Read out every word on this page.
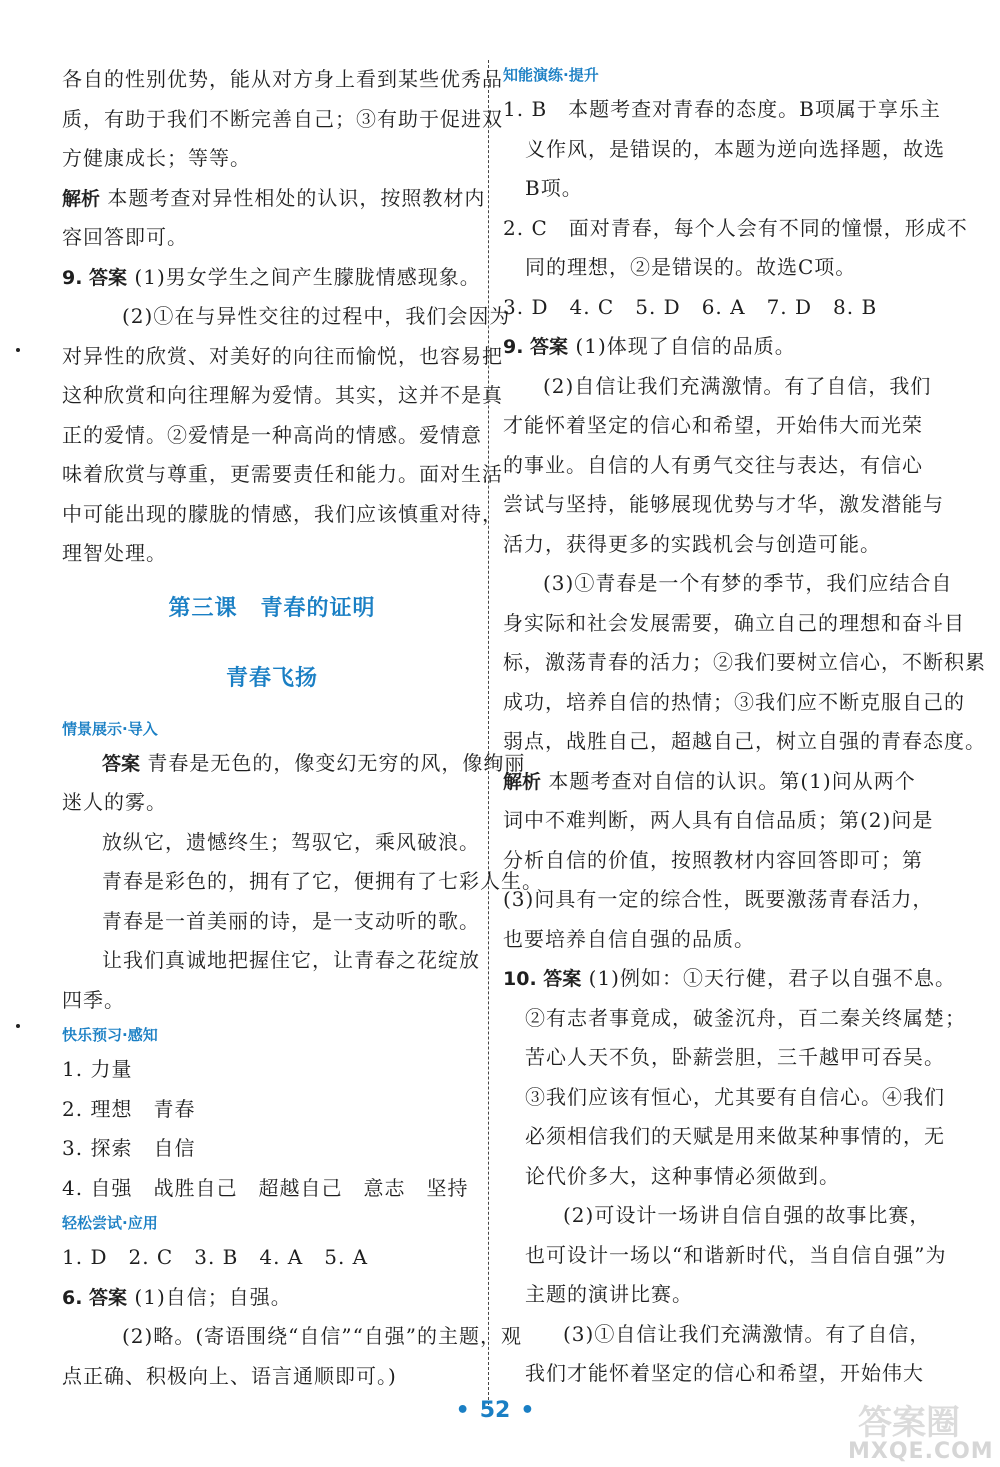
各自的性别优势，能从对方身上看到某些优秀品
质，有助于我们不断完善自己；③有助于促进双
方健康成长；等等。
解析 本题考查对异性相处的认识，按照教材内
容回答即可。
9. 答案 (1)男女学生之间产生朦胧情感现象。
(2)①在与异性交往的过程中，我们会因为
对异性的欣赏、对美好的向往而愉悦，也容易把
这种欣赏和向往理解为爱情。其实，这并不是真
正的爱情。②爱情是一种高尚的情感。爱情意
味着欣赏与尊重，更需要责任和能力。面对生活
中可能出现的朦胧的情感，我们应该慎重对待，
理智处理。
第三课　青春的证明
青春飞扬
情景展示·导入
答案 青春是无色的，像变幻无穷的风，像绚丽
迷人的雾。
放纵它，遗憾终生；驾驭它，乘风破浪。
青春是彩色的，拥有了它，便拥有了七彩人生。
青春是一首美丽的诗，是一支动听的歌。
让我们真诚地把握住它，让青春之花绽放
四季。
快乐预习·感知
1. 力量
2. 理想　青春
3. 探索　自信
4. 自强　战胜自己　超越自己　意志　坚持
轻松尝试·应用
1. D　2. C　3. B　4. A　5. A
6. 答案 (1)自信；自强。
(2)略。(寄语围绕“自信”“自强”的主题，观
点正确、积极向上、语言通顺即可。)
知能演练·提升
1. B　本题考查对青春的态度。B项属于享乐主
义作风，是错误的，本题为逆向选择题，故选
B项。
2. C　面对青春，每个人会有不同的憧憬，形成不
同的理想，②是错误的。故选C项。
3. D　4. C　5. D　6. A　7. D　8. B
9. 答案 (1)体现了自信的品质。
(2)自信让我们充满激情。有了自信，我们
才能怀着坚定的信心和希望，开始伟大而光荣
的事业。自信的人有勇气交往与表达，有信心
尝试与坚持，能够展现优势与才华，激发潜能与
活力，获得更多的实践机会与创造可能。
(3)①青春是一个有梦的季节，我们应结合自
身实际和社会发展需要，确立自己的理想和奋斗目
标，激荡青春的活力；②我们要树立信心，不断积累
成功，培养自信的热情；③我们应不断克服自己的
弱点，战胜自己，超越自己，树立自强的青春态度。
解析 本题考查对自信的认识。第(1)问从两个
词中不难判断，两人具有自信品质；第(2)问是
分析自信的价值，按照教材内容回答即可；第
(3)问具有一定的综合性，既要激荡青春活力，
也要培养自信自强的品质。
10. 答案 (1)例如：①天行健，君子以自强不息。
②有志者事竟成，破釜沉舟，百二秦关终属楚；
苦心人天不负，卧薪尝胆，三千越甲可吞吴。
③我们应该有恒心，尤其要有自信心。④我们
必须相信我们的天赋是用来做某种事情的，无
论代价多大，这种事情必须做到。
(2)可设计一场讲自信自强的故事比赛，
也可设计一场以“和谐新时代，当自信自强”为
主题的演讲比赛。
(3)①自信让我们充满激情。有了自信，
我们才能怀着坚定的信心和希望，开始伟大
• 52 •	答案圈
MXQE.COM
